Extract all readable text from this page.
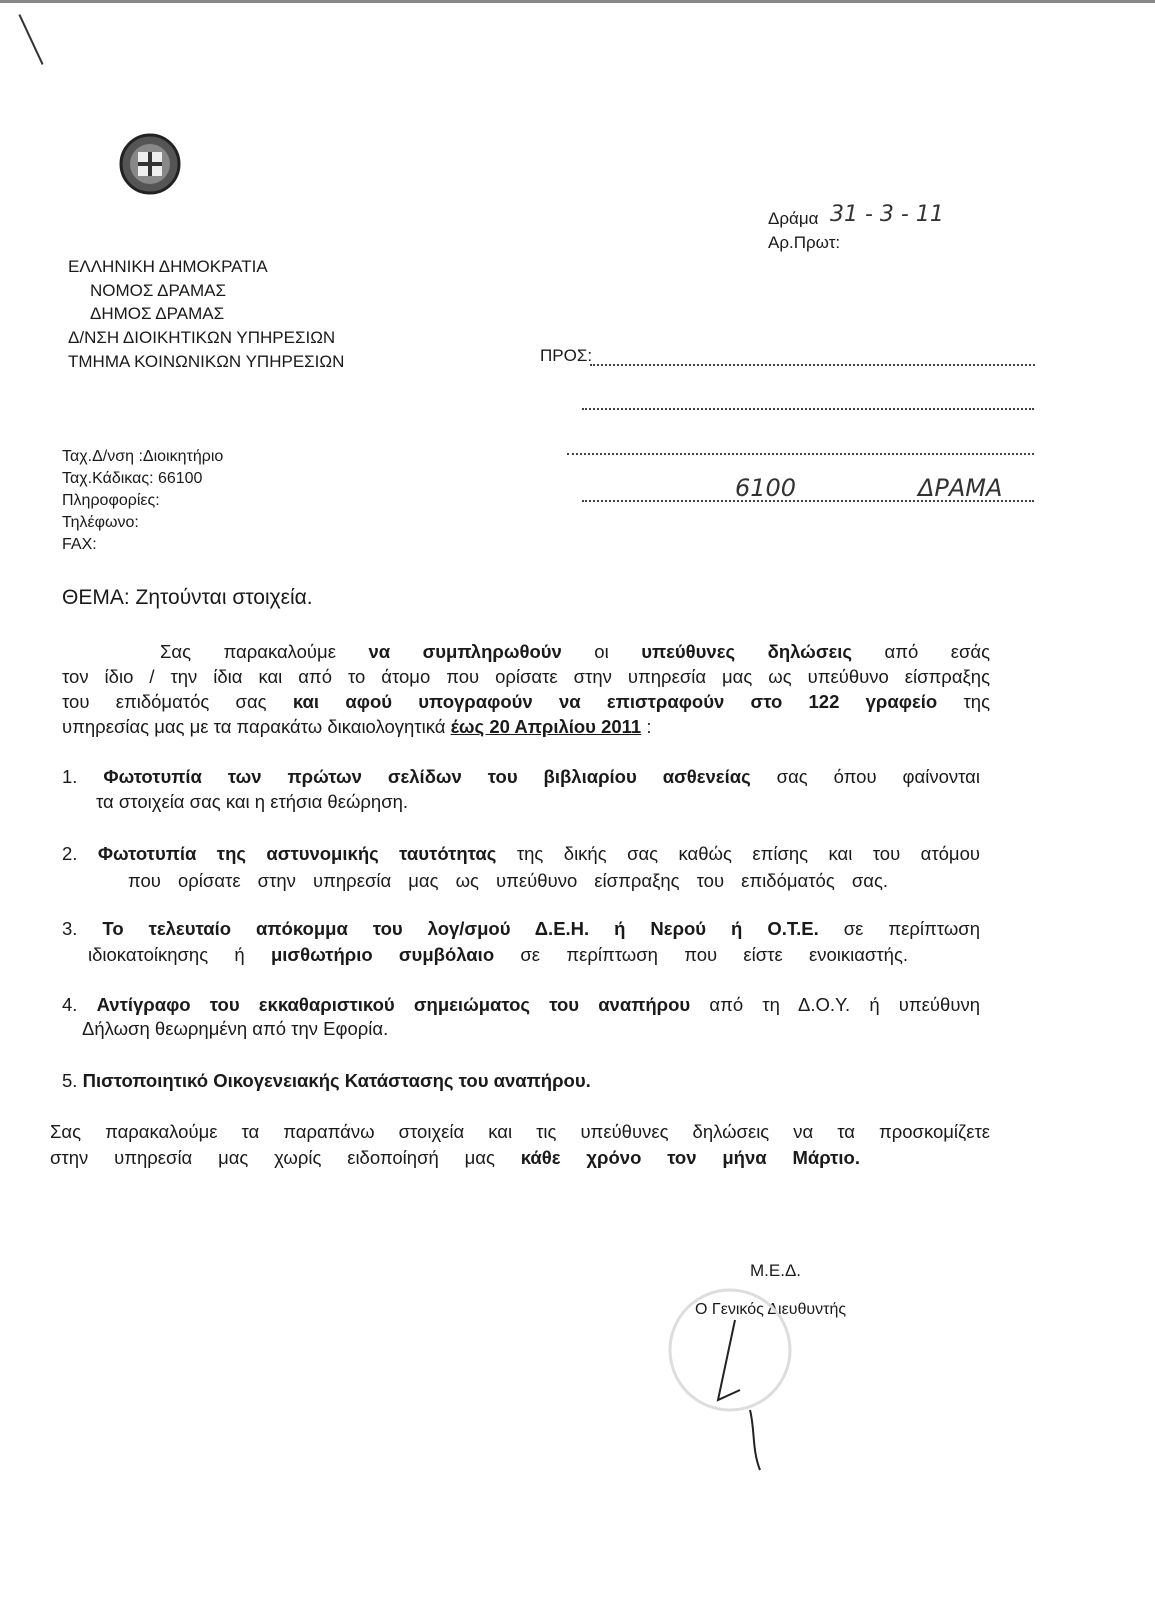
ΕΛΛΗΝΙΚΗ ΔΗΜΟΚΡΑΤΙΑ
ΝΟΜΟΣ ΔΡΑΜΑΣ
ΔΗΜΟΣ ΔΡΑΜΑΣ
Δ/ΝΣΗ ΔΙΟΙΚΗΤΙΚΩΝ ΥΠΗΡΕΣΙΩΝ
ΤΜΗΜΑ ΚΟΙΝΩΝΙΚΩΝ ΥΠΗΡΕΣΙΩΝ
Δράμα 31 - 3 - 11
Αρ.Πρωτ:
ΠΡΟΣ:
6100	ΔΡΑΜΑ
Ταχ.Δ/νση :Διοικητήριο
Ταχ.Κάδικας: 66100
Πληροφορίες:
Τηλέφωνο:
FAX:
ΘΕΜΑ: Ζητούνται στοιχεία.
Σας παρακαλούμε να συμπληρωθούν οι υπεύθυνες δηλώσεις από εσάς
τον ίδιο / την ίδια και από το άτομο που ορίσατε στην υπηρεσία μας ως υπεύθυνο είσπραξης
του επιδόματός σας και αφού υπογραφούν να επιστραφούν στο 122 γραφείο της
υπηρεσίας μας με τα παρακάτω δικαιολογητικά έως 20 Απριλίου 2011 :
1. Φωτοτυπία των πρώτων σελίδων του βιβλιαρίου ασθενείας σας όπου φαίνονται
τα στοιχεία σας και η ετήσια θεώρηση.
2. Φωτοτυπία της αστυνομικής ταυτότητας της δικής σας καθώς επίσης και του ατόμου
που ορίσατε στην υπηρεσία μας ως υπεύθυνο είσπραξης του επιδόματός σας.
3. Το τελευταίο απόκομμα του λογ/σμού Δ.Ε.Η. ή Νερού ή Ο.Τ.Ε. σε περίπτωση
ιδιοκατοίκησης ή μισθωτήριο συμβόλαιο σε περίπτωση που είστε ενοικιαστής.
4. Αντίγραφο του εκκαθαριστικού σημειώματος του αναπήρου από τη Δ.Ο.Υ. ή υπεύθυνη
Δήλωση θεωρημένη από την Εφορία.
5. Πιστοποιητικό Οικογενειακής Κατάστασης του αναπήρου.
Σας παρακαλούμε τα παραπάνω στοιχεία και τις υπεύθυνες δηλώσεις να τα προσκομίζετε
στην υπηρεσία μας χωρίς ειδοποίησή μας κάθε χρόνο τον μήνα Μάρτιο.
Μ.Ε.Δ.
Ο Γενικός Διευθυντής
